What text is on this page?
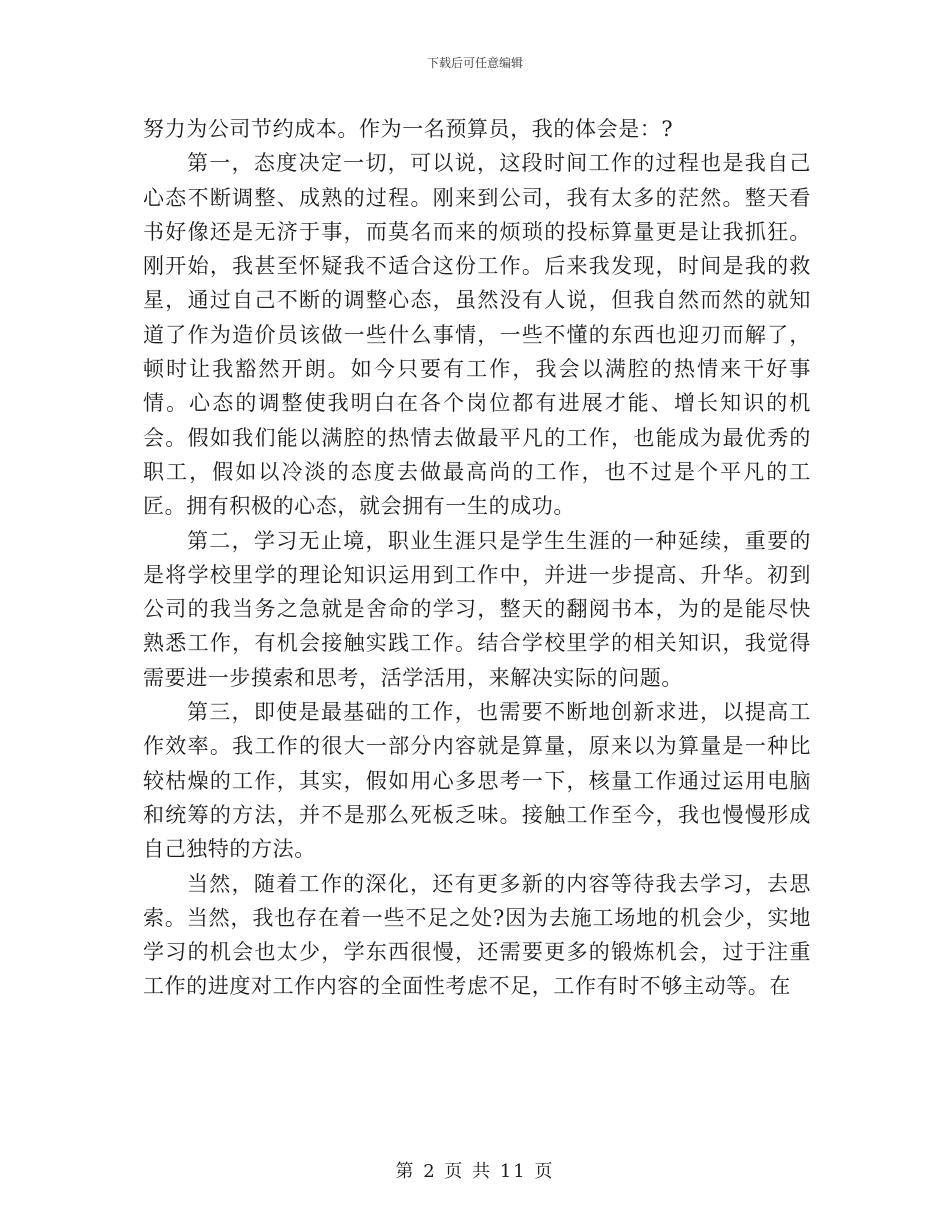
下载后可任意编辑

努力为公司节约成本。作为一名预算员，我的体会是：?

第一，态度决定一切，可以说，这段时间工作的过程也是我自己心态不断调整、成熟的过程。刚来到公司，我有太多的茫然。整天看书好像还是无济于事，而莫名而来的烦琐的投标算量更是让我抓狂。刚开始，我甚至怀疑我不适合这份工作。后来我发现，时间是我的救星，通过自己不断的调整心态，虽然没有人说，但我自然而然的就知道了作为造价员该做一些什么事情，一些不懂的东西也迎刃而解了，顿时让我豁然开朗。如今只要有工作，我会以满腔的热情来干好事情。心态的调整使我明白在各个岗位都有进展才能、增长知识的机会。假如我们能以满腔的热情去做最平凡的工作，也能成为最优秀的职工，假如以冷淡的态度去做最高尚的工作，也不过是个平凡的工匠。拥有积极的心态，就会拥有一生的成功。

第二，学习无止境，职业生涯只是学生生涯的一种延续，重要的是将学校里学的理论知识运用到工作中，并进一步提高、升华。初到公司的我当务之急就是舍命的学习，整天的翻阅书本，为的是能尽快熟悉工作，有机会接触实践工作。结合学校里学的相关知识，我觉得需要进一步摸索和思考，活学活用，来解决实际的问题。

第三，即使是最基础的工作，也需要不断地创新求进，以提高工作效率。我工作的很大一部分内容就是算量，原来以为算量是一种比较枯燥的工作，其实，假如用心多思考一下，核量工作通过运用电脑和统筹的方法，并不是那么死板乏味。接触工作至今，我也慢慢形成自己独特的方法。

当然，随着工作的深化，还有更多新的内容等待我去学习，去思索。当然，我也存在着一些不足之处?因为去施工场地的机会少，实地学习的机会也太少，学东西很慢，还需要更多的锻炼机会，过于注重工作的进度对工作内容的全面性考虑不足，工作有时不够主动等。在

第 2 页 共 11 页
